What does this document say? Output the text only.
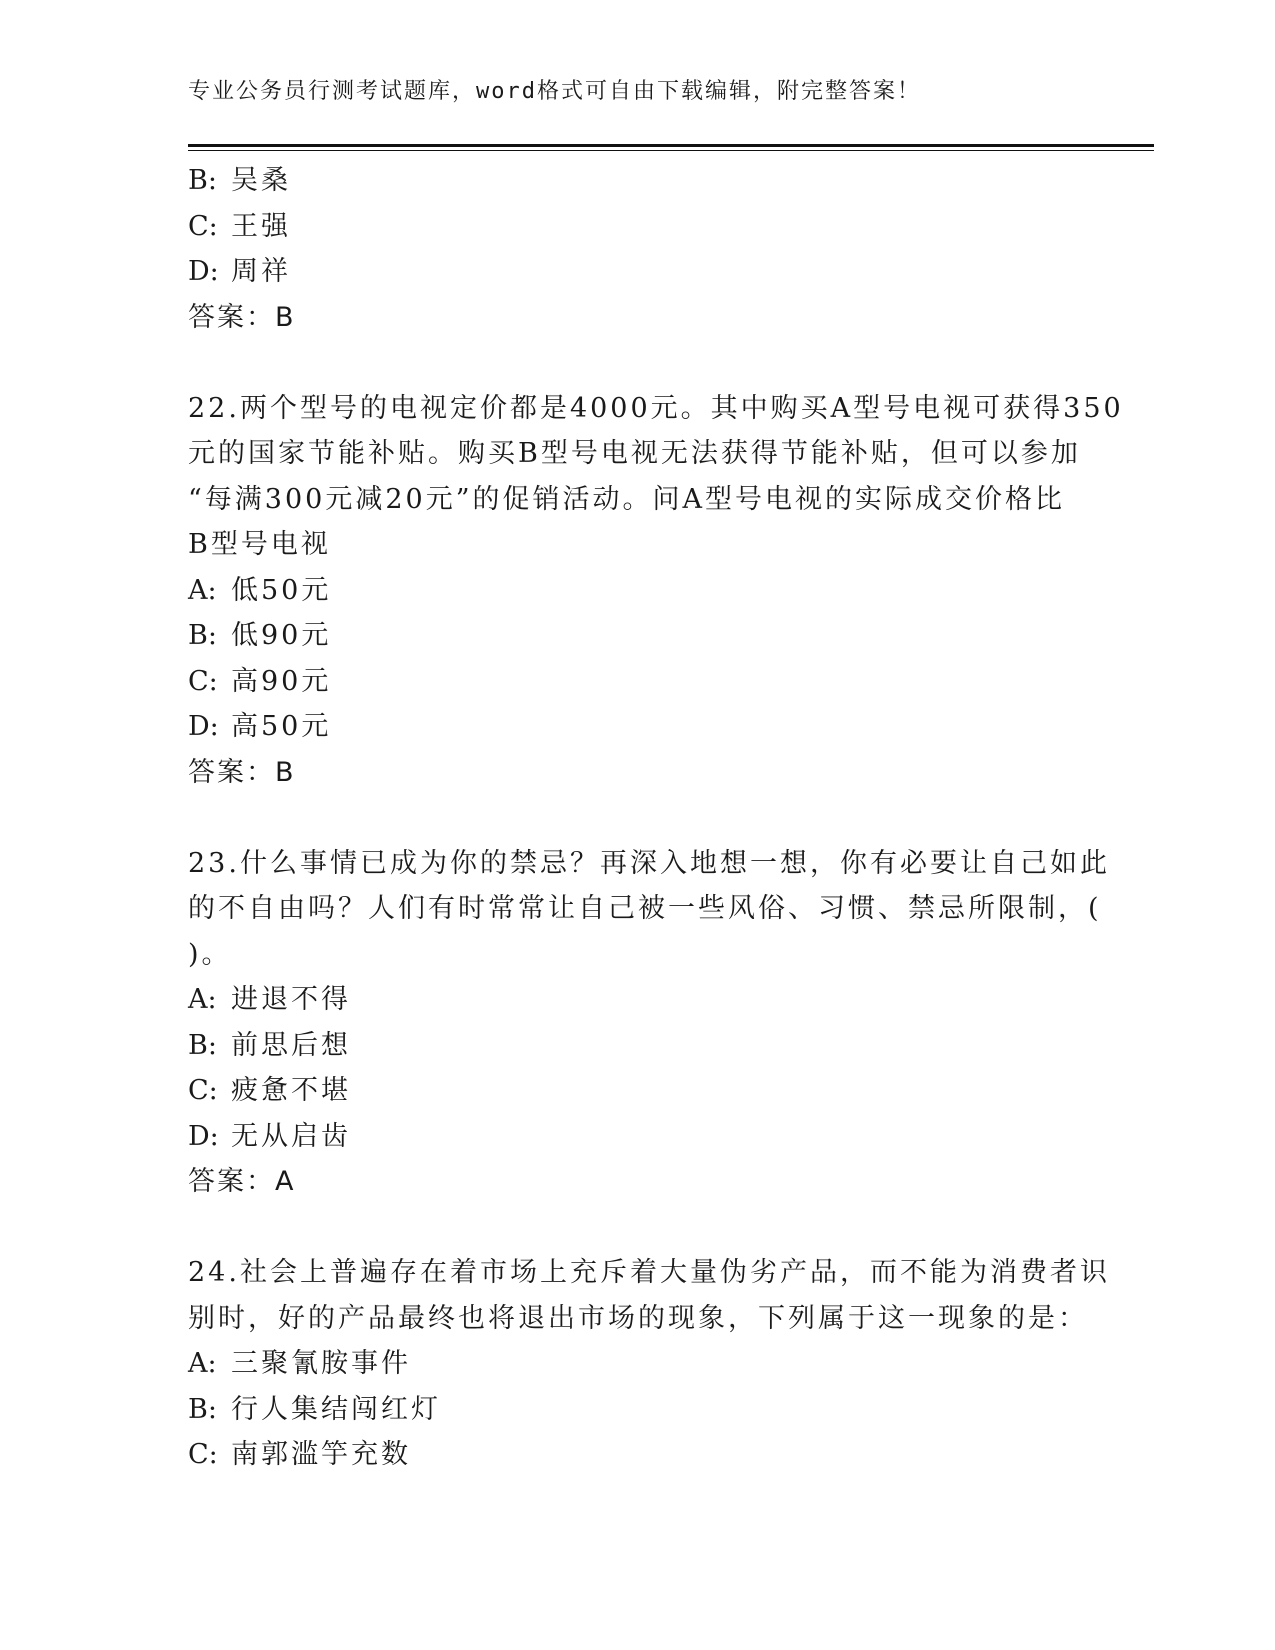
专业公务员行测考试题库，word格式可自由下载编辑，附完整答案！
B: 吴桑
C: 王强
D: 周祥
答案：B
22.两个型号的电视定价都是4000元。其中购买A型号电视可获得350
元的国家节能补贴。购买B型号电视无法获得节能补贴，但可以参加
“每满300元减20元”的促销活动。问A型号电视的实际成交价格比
B型号电视
A: 低50元
B: 低90元
C: 高90元
D: 高50元
答案：B
23.什么事情已成为你的禁忌？再深入地想一想，你有必要让自己如此
的不自由吗？人们有时常常让自己被一些风俗、习惯、禁忌所限制，(
)。
A: 进退不得
B: 前思后想
C: 疲惫不堪
D: 无从启齿
答案：A
24.社会上普遍存在着市场上充斥着大量伪劣产品，而不能为消费者识
别时，好的产品最终也将退出市场的现象，下列属于这一现象的是：
A: 三聚氰胺事件
B: 行人集结闯红灯
C: 南郭滥竽充数
